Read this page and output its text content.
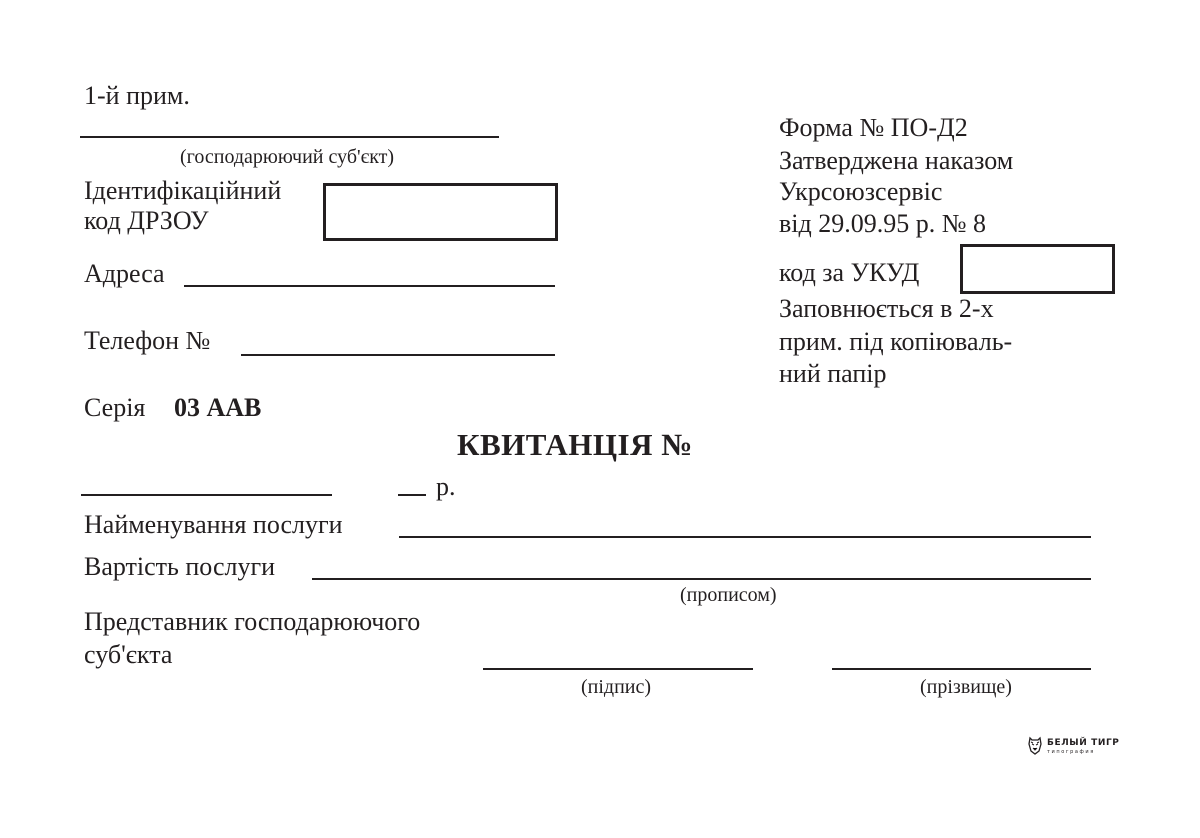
1-й прим.
(господарюючий суб'єкт)
Ідентифікаційний
код ДРЗОУ
Адреса
Телефон №
Серія 03 ААВ
Форма № ПО-Д2
Затверджена наказом
Укрсоюзсервіс
від 29.09.95 р. № 8
код за УКУД
Заповнюється в 2-х
прим. під копіюваль-
ний папір
КВИТАНЦІЯ №
р.
Найменування послуги
Вартість послуги
(прописом)
Представник господарюючого
суб'єкта
(підпис)	(прізвище)
БЕЛЫЙ ТИГР
типография
